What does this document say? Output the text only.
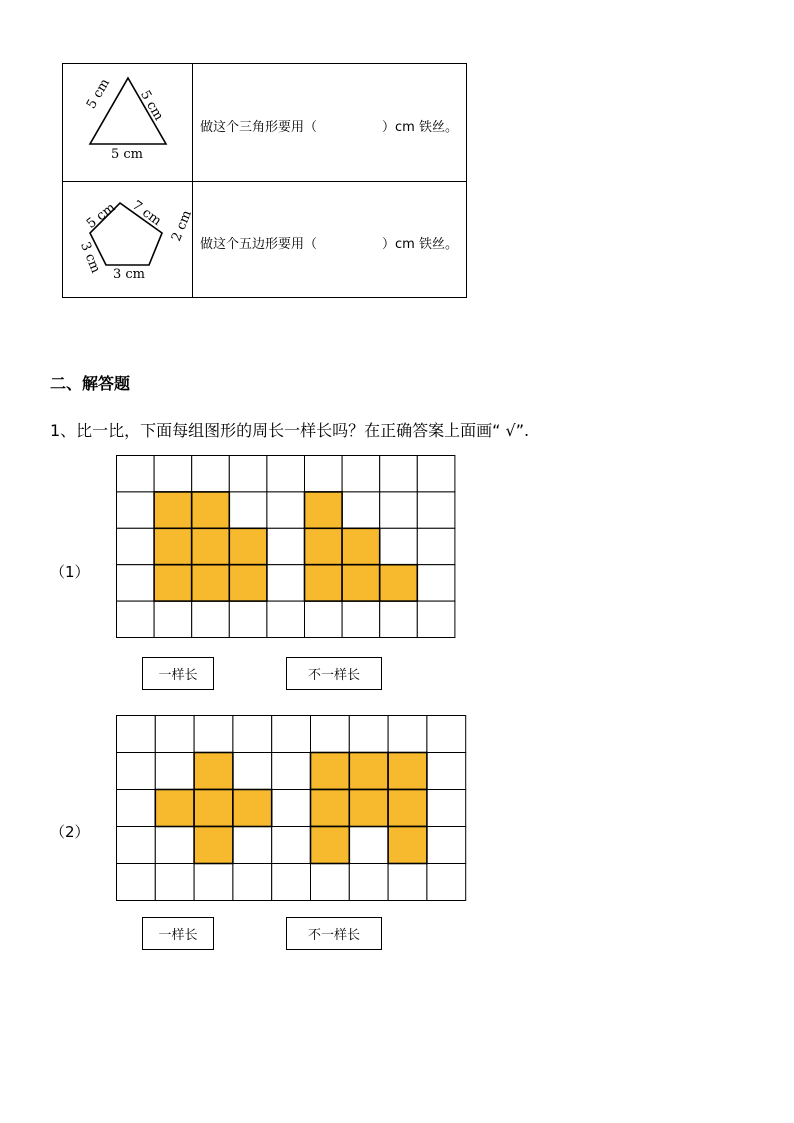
5 cm 5 cm
5 cm
5 cm 7 cm 2 cm
3 cm 3 cm
做这个三角形要用（　　　　　）cm 铁丝。
做这个五边形要用（　　　　　）cm 铁丝。
二、解答题
1、比一比，下面每组图形的周长一样长吗？在正确答案上面画“ √”.
（1）
一样长	不一样长
（2）
一样长	不一样长
